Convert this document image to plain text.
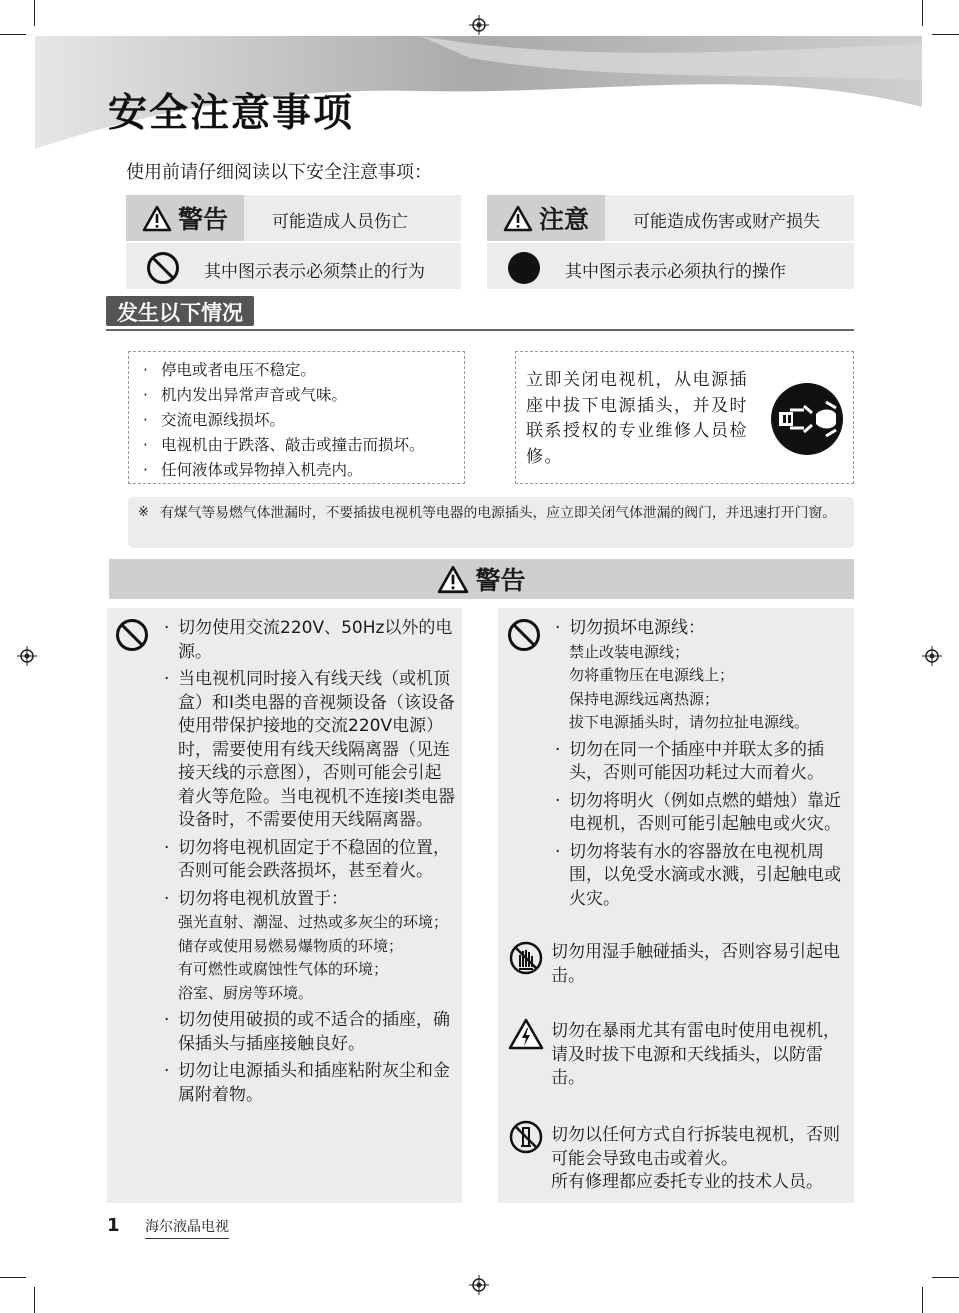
安全注意事项
使用前请仔细阅读以下安全注意事项：
警告	可能造成人员伤亡
其中图示表示必须禁止的行为
注意	可能造成伤害或财产损失
其中图示表示必须执行的操作
发生以下情况
· 停电或者电压不稳定。
· 机内发出异常声音或气味。
· 交流电源线损坏。
· 电视机由于跌落、敲击或撞击而损坏。
· 任何液体或异物掉入机壳内。
立即关闭电视机，从电源插座中拔下电源插头，并及时联系授权的专业维修人员检修。
※ 有煤气等易燃气体泄漏时，不要插拔电视机等电器的电源插头，应立即关闭气体泄漏的阀门，并迅速打开门窗。
警告
· 切勿使用交流220V、50Hz以外的电源。
· 当电视机同时接入有线天线（或机顶盒）和Ⅰ类电器的音视频设备（该设备使用带保护接地的交流220V电源）时，需要使用有线天线隔离器（见连接天线的示意图），否则可能会引起着火等危险。当电视机不连接Ⅰ类电器设备时，不需要使用天线隔离器。
· 切勿将电视机固定于不稳固的位置，否则可能会跌落损坏，甚至着火。
· 切勿将电视机放置于：
强光直射、潮湿、过热或多灰尘的环境；
储存或使用易燃易爆物质的环境；
有可燃性或腐蚀性气体的环境；
浴室、厨房等环境。
· 切勿使用破损的或不适合的插座，确保插头与插座接触良好。
· 切勿让电源插头和插座粘附灰尘和金属附着物。
· 切勿损坏电源线：
禁止改装电源线；
勿将重物压在电源线上；
保持电源线远离热源；
拔下电源插头时，请勿拉扯电源线。
· 切勿在同一个插座中并联太多的插头，否则可能因功耗过大而着火。
· 切勿将明火（例如点燃的蜡烛）靠近电视机，否则可能引起触电或火灾。
· 切勿将装有水的容器放在电视机周围，以免受水滴或水溅，引起触电或火灾。
切勿用湿手触碰插头，否则容易引起电击。
切勿在暴雨尤其有雷电时使用电视机，请及时拔下电源和天线插头，以防雷击。
切勿以任何方式自行拆装电视机，否则可能会导致电击或着火。
所有修理都应委托专业的技术人员。
1 海尔液晶电视
